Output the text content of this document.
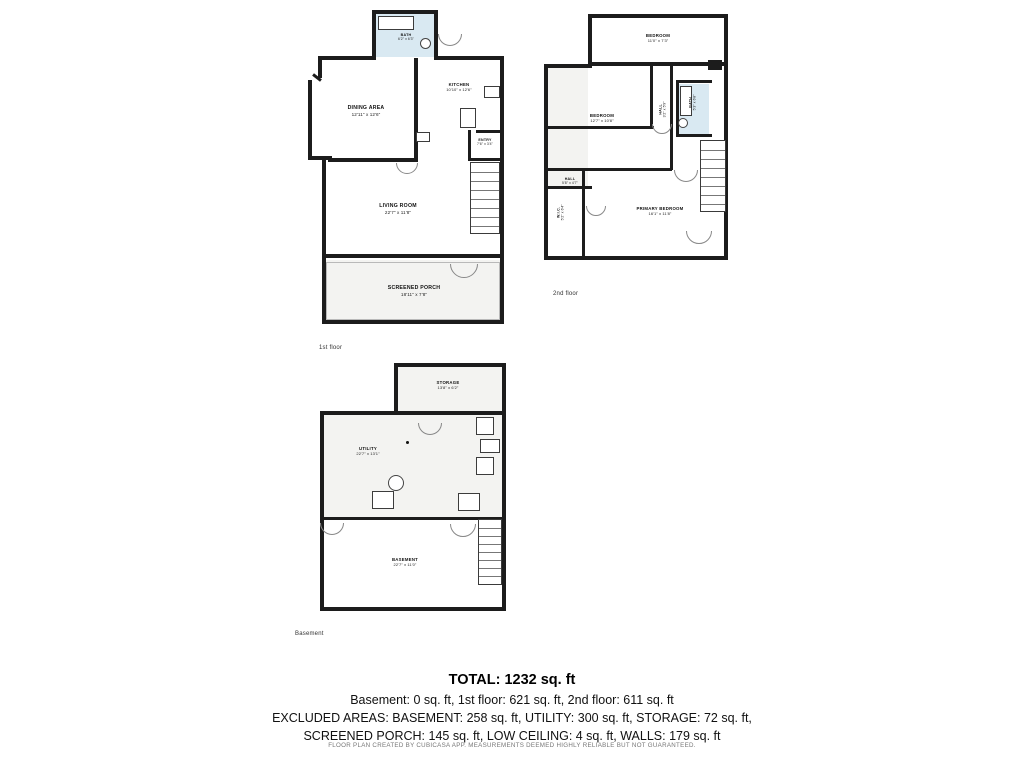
BATH
6'2" x 6'3"
KITCHEN
10'10" x 12'6"
DINING AREA
12'11" x 12'6"
ENTRY
7'6" x 3'4"
LIVING ROOM
22'7" x 11'8"
SCREENED PORCH
18'11" x 7'8"
1st floor
BEDROOM
11'0" x 7'3"
BEDROOM
12'7" x 10'8"
BATH 5'3" x 6'8"
HALL
5'8" x 4'7"
HALL 3'2" x 5'9"
PRIMARY BEDROOM
16'1" x 11'8"
W.I.C. 5'2" x 6'4"
2nd floor
STORAGE
13'8" x 6'2"
UTILITY
22'7" x 13'1"
BASEMENT
22'7" x 11'0"
Basement
TOTAL: 1232 sq. ft
Basement: 0 sq. ft, 1st floor: 621 sq. ft, 2nd floor: 611 sq. ft
EXCLUDED AREAS: BASEMENT: 258 sq. ft, UTILITY: 300 sq. ft, STORAGE: 72 sq. ft,
SCREENED PORCH: 145 sq. ft, LOW CEILING: 4 sq. ft, WALLS: 179 sq. ft
FLOOR PLAN CREATED BY CUBICASA APP. MEASUREMENTS DEEMED HIGHLY RELIABLE BUT NOT GUARANTEED.
